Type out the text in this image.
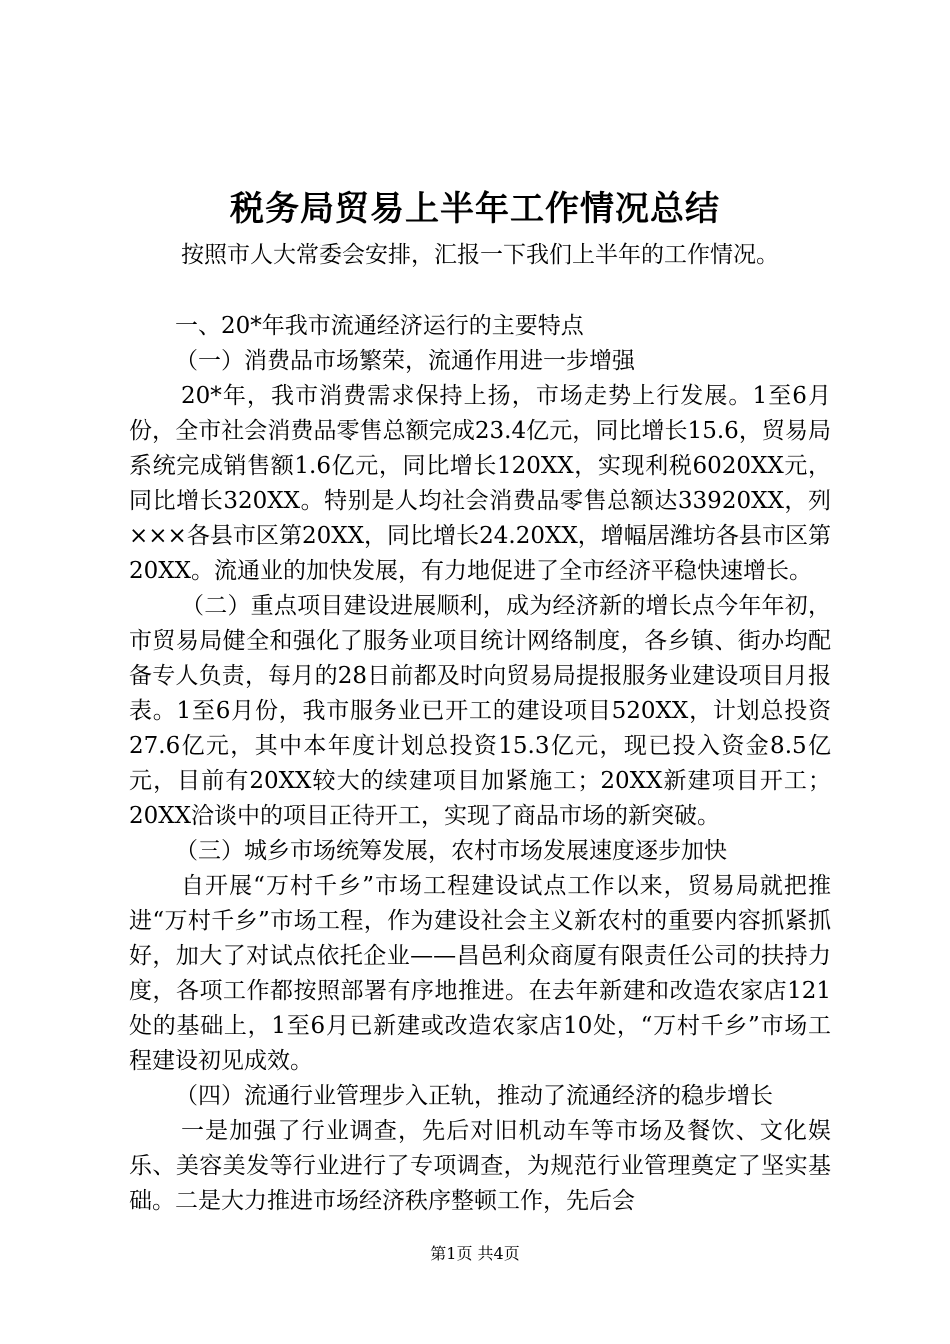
税务局贸易上半年工作情况总结

按照市人大常委会安排，汇报一下我们上半年的工作情况。

一、20*年我市流通经济运行的主要特点

（一）消费品市场繁荣，流通作用进一步增强

20*年，我市消费需求保持上扬，市场走势上行发展。1至6月份，全市社会消费品零售总额完成23.4亿元，同比增长15.6，贸易局系统完成销售额1.6亿元，同比增长120XX，实现利税6020XX元，同比增长320XX。特别是人均社会消费品零售总额达33920XX，列×××各县市区第20XX，同比增长24.20XX，增幅居潍坊各县市区第20XX。流通业的加快发展，有力地促进了全市经济平稳快速增长。

（二）重点项目建设进展顺利，成为经济新的增长点今年年初，市贸易局健全和强化了服务业项目统计网络制度，各乡镇、街办均配备专人负责，每月的28日前都及时向贸易局提报服务业建设项目月报表。1至6月份，我市服务业已开工的建设项目520XX，计划总投资27.6亿元，其中本年度计划总投资15.3亿元，现已投入资金8.5亿元，目前有20XX较大的续建项目加紧施工；20XX新建项目开工；20XX洽谈中的项目正待开工，实现了商品市场的新突破。

（三）城乡市场统筹发展，农村市场发展速度逐步加快

自开展“万村千乡”市场工程建设试点工作以来，贸易局就把推进“万村千乡”市场工程，作为建设社会主义新农村的重要内容抓紧抓好，加大了对试点依托企业——昌邑利众商厦有限责任公司的扶持力度，各项工作都按照部署有序地推进。在去年新建和改造农家店121处的基础上，1至6月已新建或改造农家店10处，“万村千乡”市场工程建设初见成效。

（四）流通行业管理步入正轨，推动了流通经济的稳步增长

一是加强了行业调查，先后对旧机动车等市场及餐饮、文化娱乐、美容美发等行业进行了专项调查，为规范行业管理奠定了坚实基础。二是大力推进市场经济秩序整顿工作，先后会

第1页 共4页
